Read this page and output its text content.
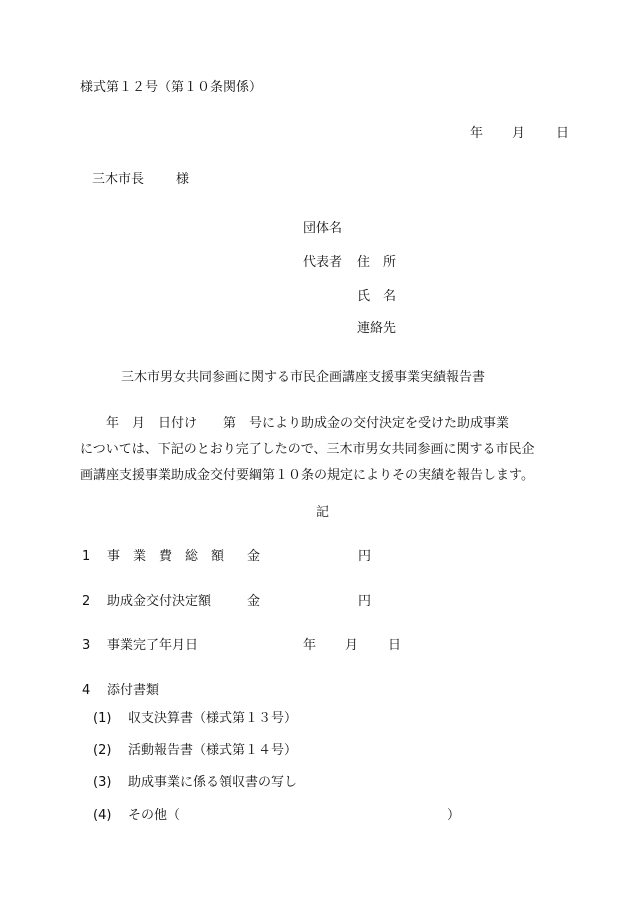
様式第１２号（第１０条関係）
年 月 日
三木市長 様
団体名
代表者 住　所
氏　名
連絡先
三木市男女共同参画に関する市民企画講座支援事業実績報告書
　　年　月　日付け　　第　号により助成金の交付決定を受けた助成事業
については、下記のとおり完了したので、三木市男女共同参画に関する市民企
画講座支援事業助成金交付要綱第１０条の規定によりその実績を報告します。
記
1 事　業　費　総　額 金	円
2 助成金交付決定額	金	円
3 事業完了年月日	年 月 日
4 添付書類
(1) 収支決算書（様式第１３号）
(2) 活動報告書（様式第１４号）
(3) 助成事業に係る領収書の写し
(4) その他（	）
